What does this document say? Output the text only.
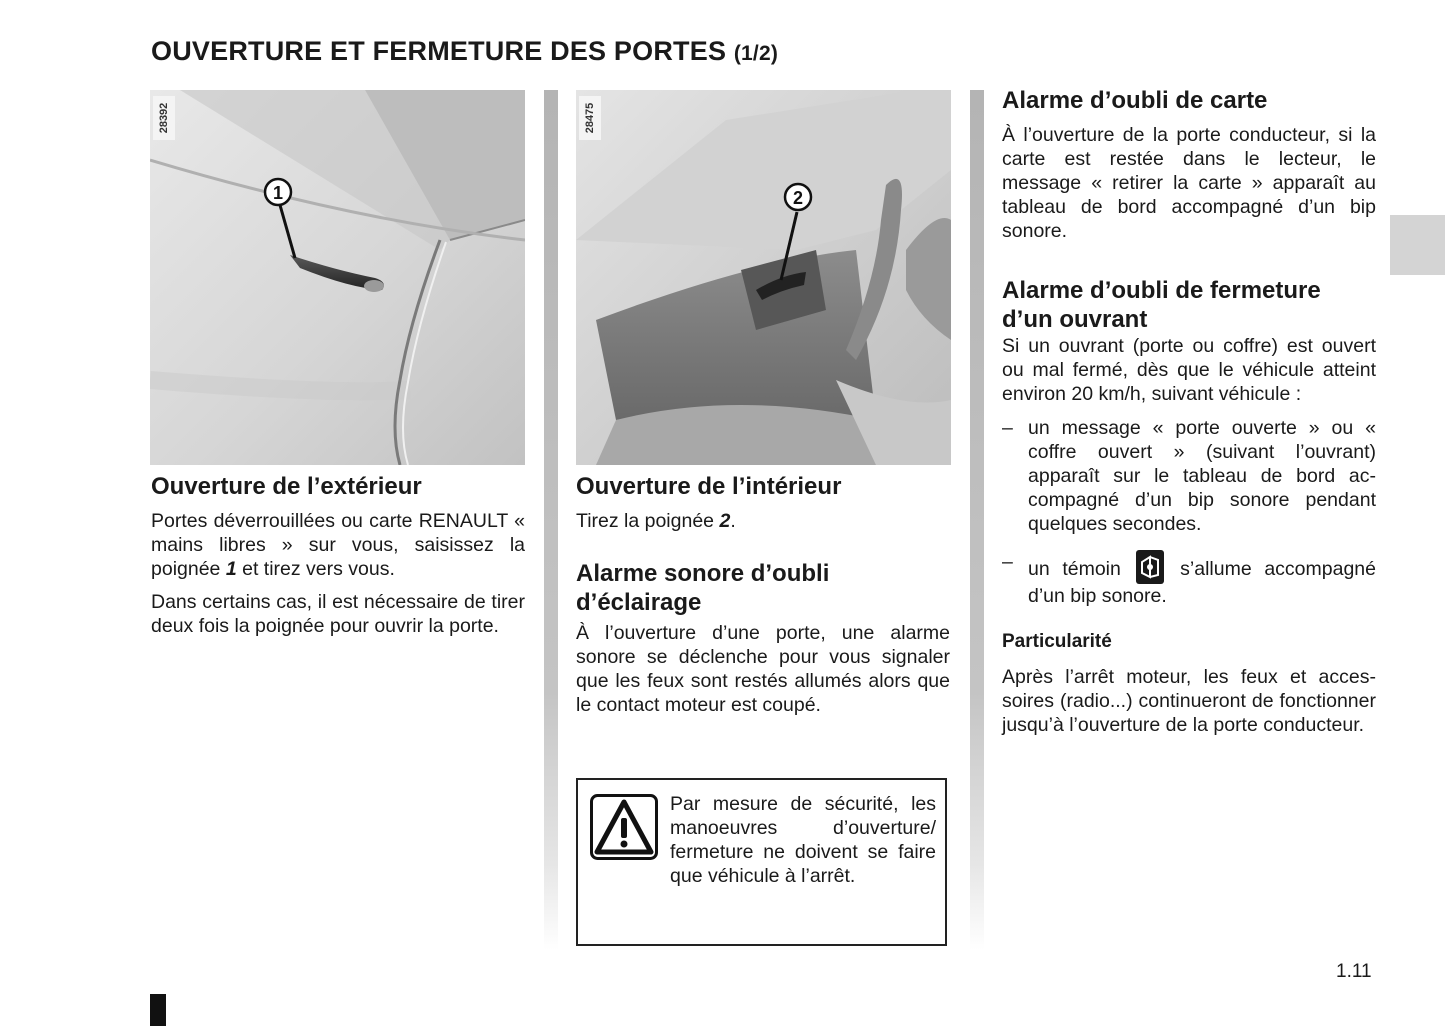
OUVERTURE ET FERMETURE DES PORTES (1/2)
1
28392
2
28475
Ouverture de l’extérieur

Portes déverrouillées ou carte RENAULT « mains libres » sur vous, saisissez la poignée 1 et tirez vers vous.

Dans certains cas, il est nécessaire de tirer deux fois la poignée pour ouvrir la porte.

Ouverture de l’intérieur

Tirez la poignée 2.

Alarme sonore d’oubli
d’éclairage

À l’ouverture d’une porte, une alarme sonore se déclenche pour vous signaler que les feux sont restés allumés alors que le contact moteur est coupé.

Par mesure de sécurité, les manoeuvres d’ouverture/ fermeture ne doivent se faire que véhicule à l’arrêt.
Alarme d’oubli de carte

À l’ouverture de la porte conducteur, si la carte est restée dans le lecteur, le message « retirer la carte » apparaît au tableau de bord accompagné d’un bip sonore.

Alarme d’oubli de fermeture
d’un ouvrant

Si un ouvrant (porte ou coffre) est ouvert ou mal fermé, dès que le véhicule atteint environ 20 km/h, suivant véhicule :

– un message « porte ouverte » ou « coffre ouvert » (suivant l’ouvrant) apparaît sur le tableau de bord accompagné d’un bip sonore pendant quelques secondes.
– un témoin
s’allume accompagné d’un bip sonore.
Particularité

Après l’arrêt moteur, les feux et accessoires (radio...) continueront de fonctionner jusqu’à l’ouverture de la porte conducteur.

1.11
